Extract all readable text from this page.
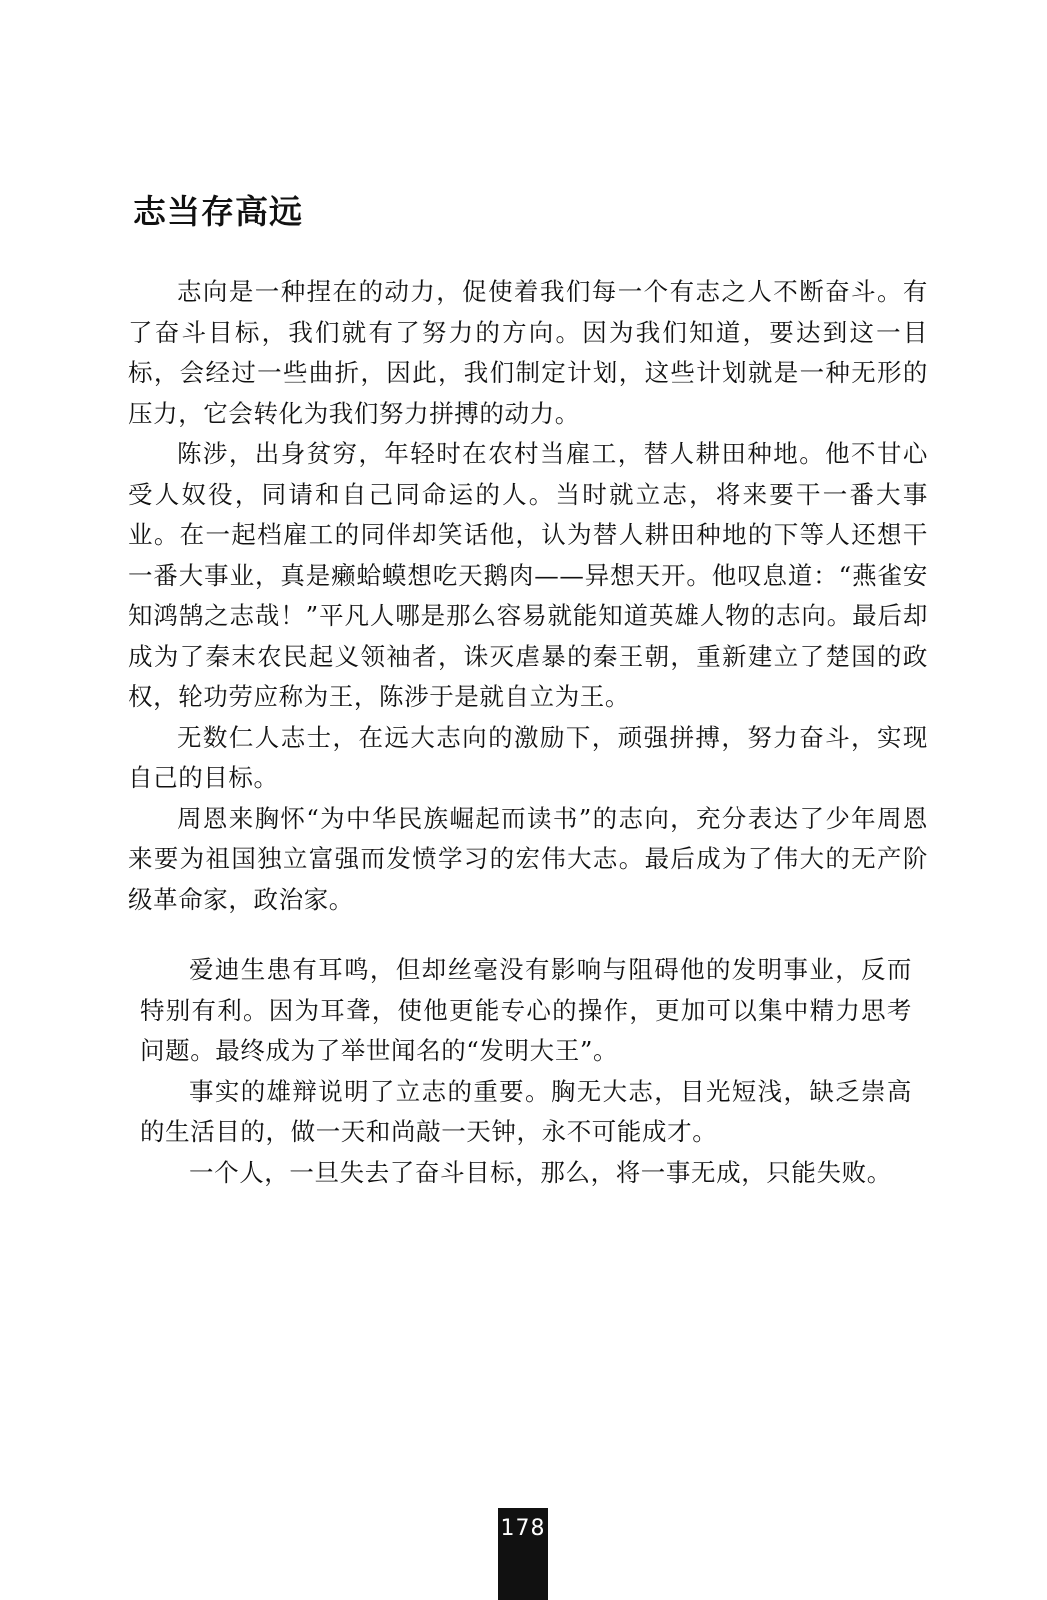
志当存高远

志向是一种捏在的动力，促使着我们每一个有志之人不断奋斗。有了奋斗目标，我们就有了努力的方向。因为我们知道，要达到这一目标，会经过一些曲折，因此，我们制定计划，这些计划就是一种无形的压力，它会转化为我们努力拼搏的动力。

陈涉，出身贫穷，年轻时在农村当雇工，替人耕田种地。他不甘心受人奴役，同请和自己同命运的人。当时就立志，将来要干一番大事业。在一起档雇工的同伴却笑话他，认为替人耕田种地的下等人还想干一番大事业，真是癞蛤蟆想吃天鹅肉——异想天开。他叹息道：“燕雀安知鸿鹄之志哉！”平凡人哪是那么容易就能知道英雄人物的志向。最后却成为了秦末农民起义领袖者，诛灭虐暴的秦王朝，重新建立了楚国的政权，轮功劳应称为王，陈涉于是就自立为王。

无数仁人志士，在远大志向的激励下，顽强拼搏，努力奋斗，实现自己的目标。

周恩来胸怀“为中华民族崛起而读书”的志向，充分表达了少年周恩来要为祖国独立富强而发愤学习的宏伟大志。最后成为了伟大的无产阶级革命家，政治家。

爱迪生患有耳鸣，但却丝毫没有影响与阻碍他的发明事业，反而特别有利。因为耳聋，使他更能专心的操作，更加可以集中精力思考问题。最终成为了举世闻名的“发明大王”。

事实的雄辩说明了立志的重要。胸无大志，目光短浅，缺乏崇高的生活目的，做一天和尚敲一天钟，永不可能成才。

一个人，一旦失去了奋斗目标，那么，将一事无成，只能失败。

178
